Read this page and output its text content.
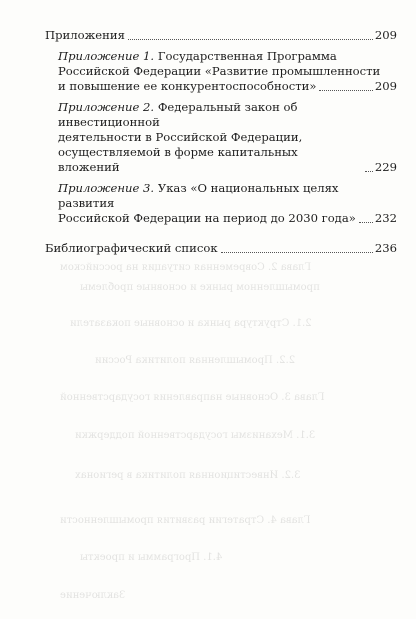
Глава 2. Современная ситуация на российском
промышленном рынке и основные проблемы
2.1. Структура рынка и основные показатели
2.2. Промышленная политика России
Глава 3. Основные направления государственной
3.1. Механизмы государственной поддержки
3.2. Инвестиционная политика в регионах
Глава 4. Стратегии развития промышленности
4.1. Программы и проекты
Заключение
Приложения	209
Приложение 1. Государственная Программа
Российской Федерации «Развитие промышленности
и повышение ее конкурентоспособности»	209
Приложение 2. Федеральный закон об инвестиционной
деятельности в Российской Федерации,
осуществляемой в форме капитальных вложений	229
Приложение 3. Указ «О национальных целях развития
Российской Федерации на период до 2030 года» 232
Библиографический список	236
